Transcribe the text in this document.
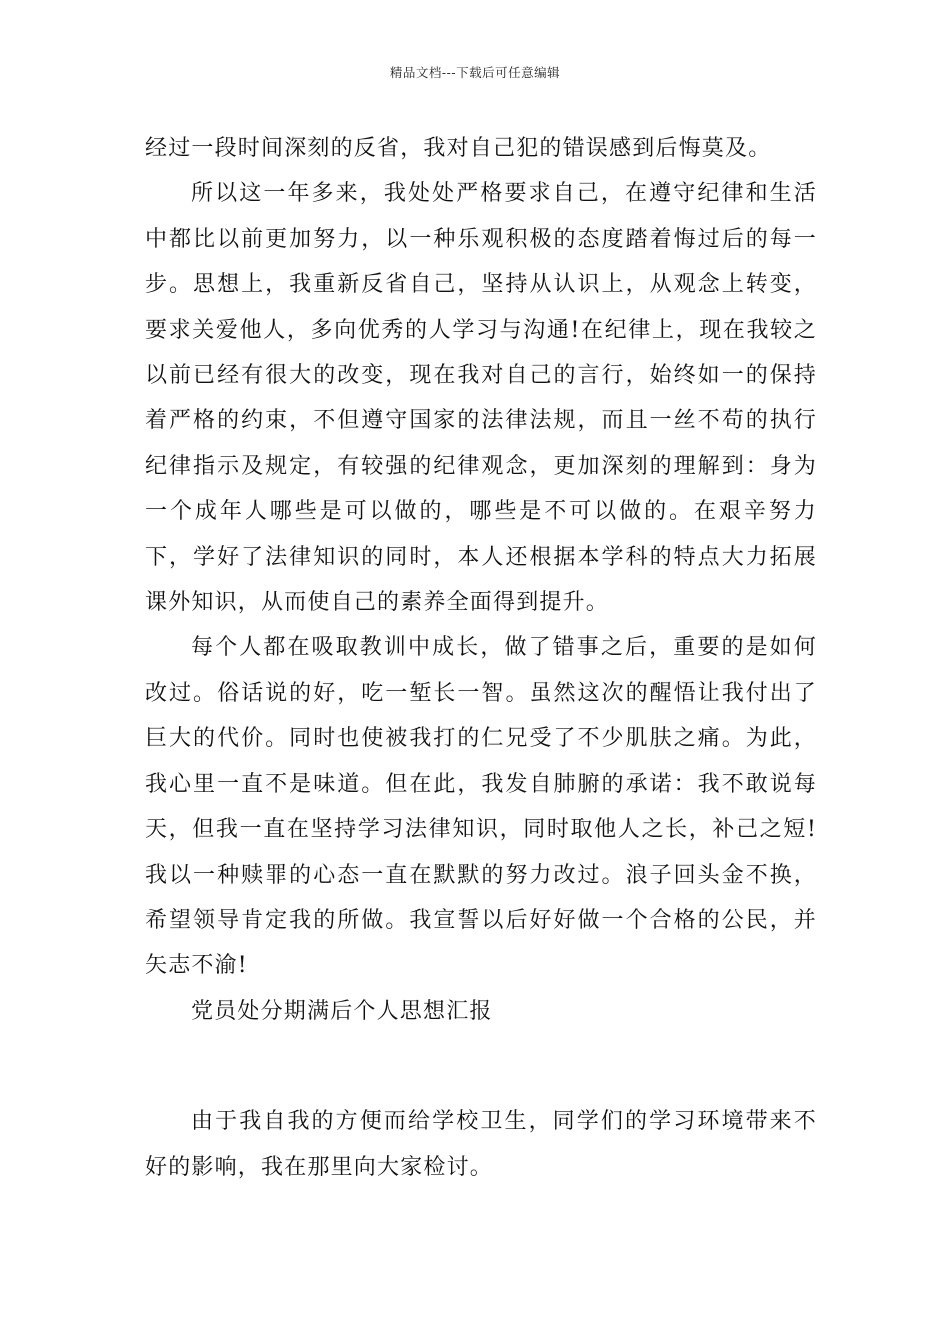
精品文档---下载后可任意编辑

经过一段时间深刻的反省，我对自己犯的错误感到后悔莫及。

所以这一年多来，我处处严格要求自己，在遵守纪律和生活中都比以前更加努力，以一种乐观积极的态度踏着悔过后的每一步。思想上，我重新反省自己，坚持从认识上，从观念上转变，要求关爱他人，多向优秀的人学习与沟通!在纪律上，现在我较之以前已经有很大的改变，现在我对自己的言行，始终如一的保持着严格的约束，不但遵守国家的法律法规，而且一丝不苟的执行纪律指示及规定，有较强的纪律观念，更加深刻的理解到：身为一个成年人哪些是可以做的，哪些是不可以做的。在艰辛努力下，学好了法律知识的同时，本人还根据本学科的特点大力拓展课外知识，从而使自己的素养全面得到提升。

每个人都在吸取教训中成长，做了错事之后，重要的是如何改过。俗话说的好，吃一堑长一智。虽然这次的醒悟让我付出了巨大的代价。同时也使被我打的仁兄受了不少肌肤之痛。为此，我心里一直不是味道。但在此，我发自肺腑的承诺：我不敢说每天，但我一直在坚持学习法律知识，同时取他人之长，补己之短!我以一种赎罪的心态一直在默默的努力改过。浪子回头金不换，希望领导肯定我的所做。我宣誓以后好好做一个合格的公民，并矢志不渝!

党员处分期满后个人思想汇报

由于我自我的方便而给学校卫生，同学们的学习环境带来不好的影响，我在那里向大家检讨。
